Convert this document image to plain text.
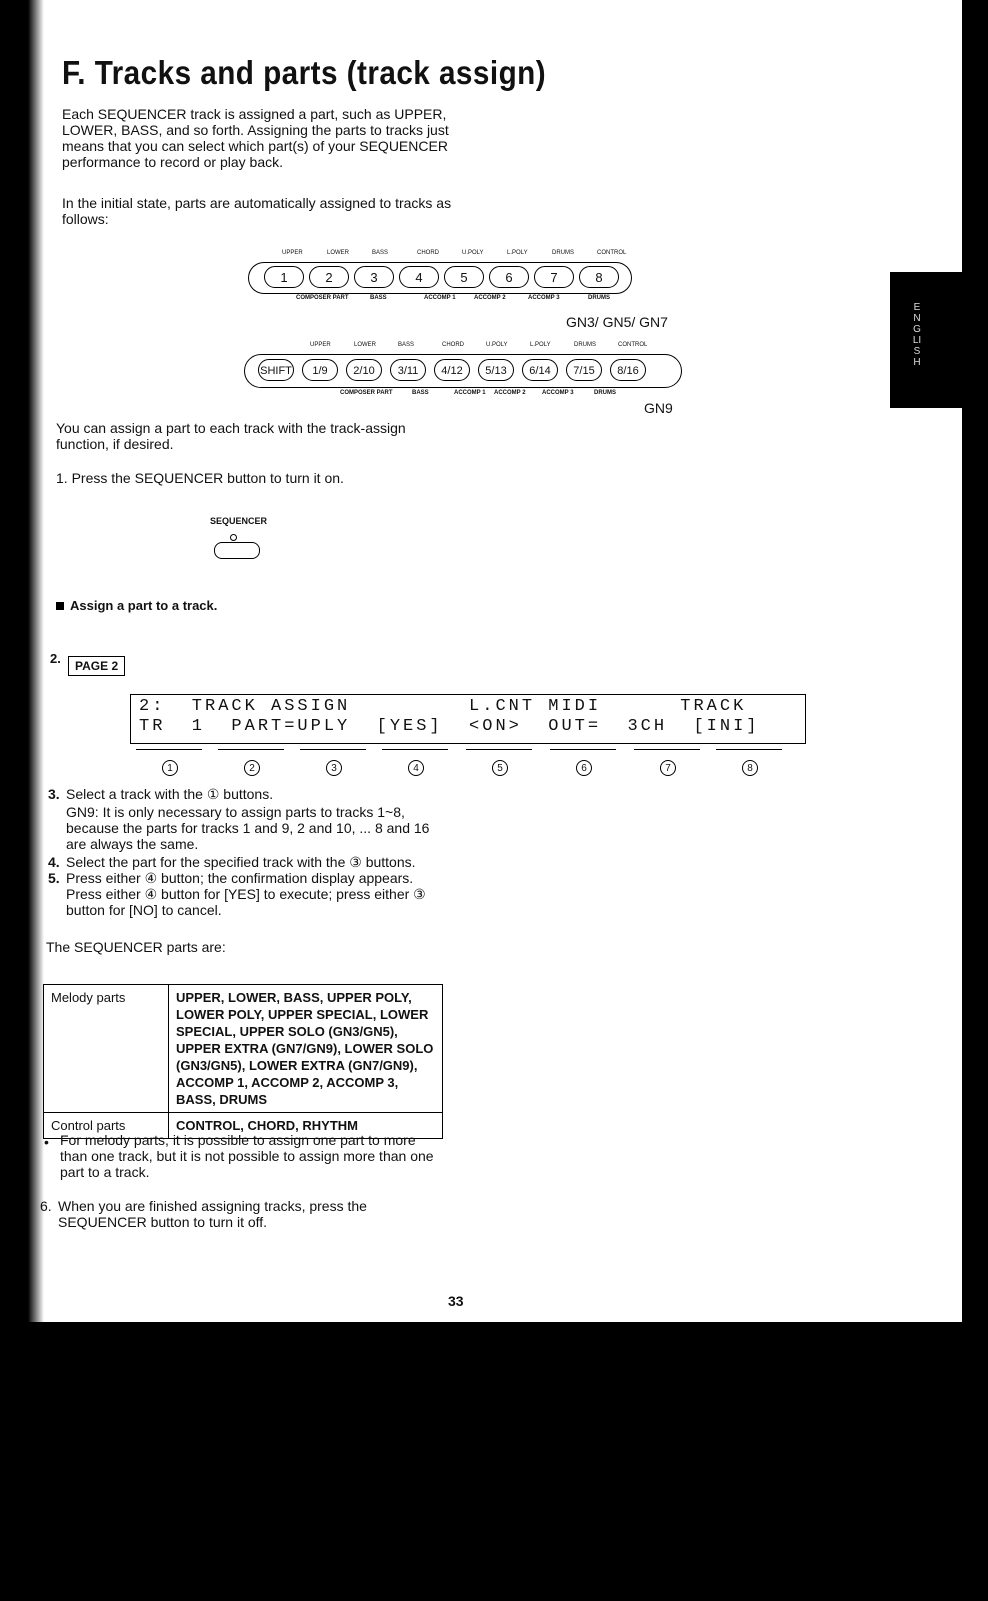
ENGLISH
F. Tracks and parts (track assign)
Each SEQUENCER track is assigned a part, such as UPPER, LOWER, BASS, and so forth. Assigning the parts to tracks just means that you can select which part(s) of your SEQUENCER performance to record or play back.
In the initial state, parts are automatically assigned to tracks as follows:
UPPER	LOWER	BASS	CHORD	U.POLY	L.POLY	DRUMS	CONTROL
1	2	3	4	5	6	7	8
COMPOSER PART	BASS	ACCOMP 1	ACCOMP 2	ACCOMP 3	DRUMS
GN3/ GN5/ GN7
UPPER	LOWER	BASS	CHORD	U.POLY	L.POLY	DRUMS	CONTROL
SHIFT	1/9	2/10	3/11	4/12	5/13	6/14	7/15	8/16
COMPOSER PART	BASS	ACCOMP 1 ACCOMP 2	ACCOMP 3	DRUMS
GN9
You can assign a part to each track with the track-assign function, if desired.
1. Press the SEQUENCER button to turn it on.
SEQUENCER
Assign a part to a track.
2.	PAGE 2
2:  TRACK ASSIGN         L.CNT MIDI      TRACK
TR  1  PART=UPLY  [YES]  <ON>  OUT=  3CH  [INI]
1	2	3	4	5	6	7	8
3. Select a track with the ① buttons.
GN9: It is only necessary to assign parts to tracks 1~8, because the parts for tracks 1 and 9, 2 and 10, ... 8 and 16 are always the same.
4. Select the part for the specified track with the ③ buttons.
5. Press either ④ button; the confirmation display appears. Press either ④ button for [YES] to execute; press either ③ button for [NO] to cancel.
The SEQUENCER parts are:
Melody parts	UPPER, LOWER, BASS, UPPER POLY, LOWER POLY, UPPER SPECIAL, LOWER SPECIAL, UPPER SOLO (GN3/GN5), UPPER EXTRA (GN7/GN9), LOWER SOLO (GN3/GN5), LOWER EXTRA (GN7/GN9), ACCOMP 1, ACCOMP 2, ACCOMP 3, BASS, DRUMS
Control parts	CONTROL, CHORD, RHYTHM
• For melody parts, it is possible to assign one part to more than one track, but it is not possible to assign more than one part to a track.
6. When you are finished assigning tracks, press the SEQUENCER button to turn it off.
33
